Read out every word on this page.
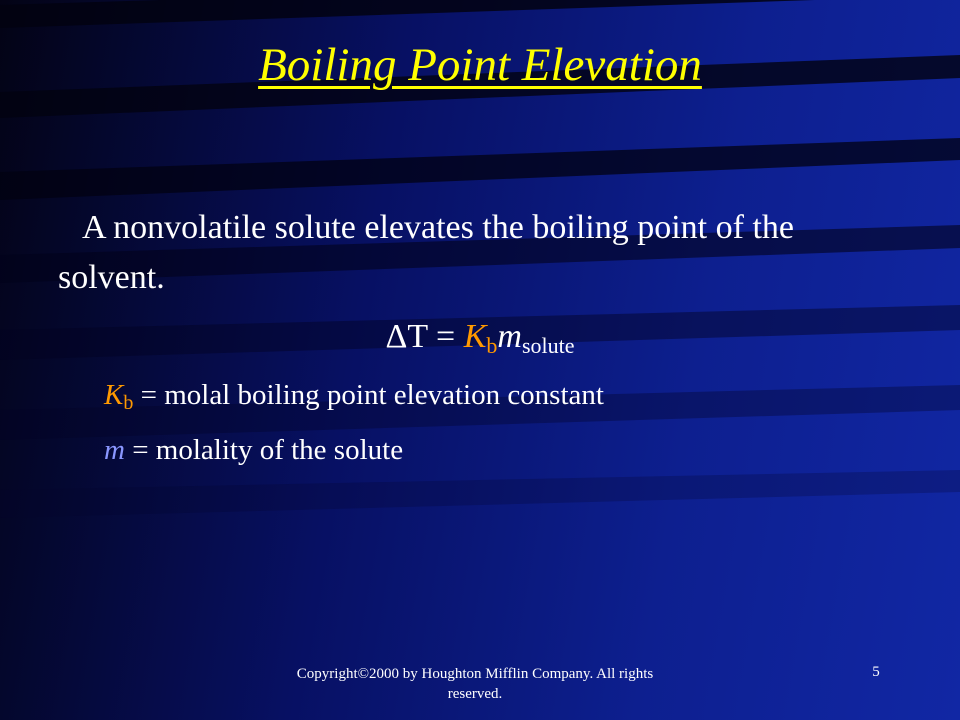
Boiling Point Elevation

A nonvolatile solute elevates the boiling point of the solvent.

$\Delta T = K_bm_{solute}$

$K_b$ = molal boiling point elevation constant

m = molality of the solute

Copyright©2000 by Houghton Mifflin Company. All rights reserved.
5
